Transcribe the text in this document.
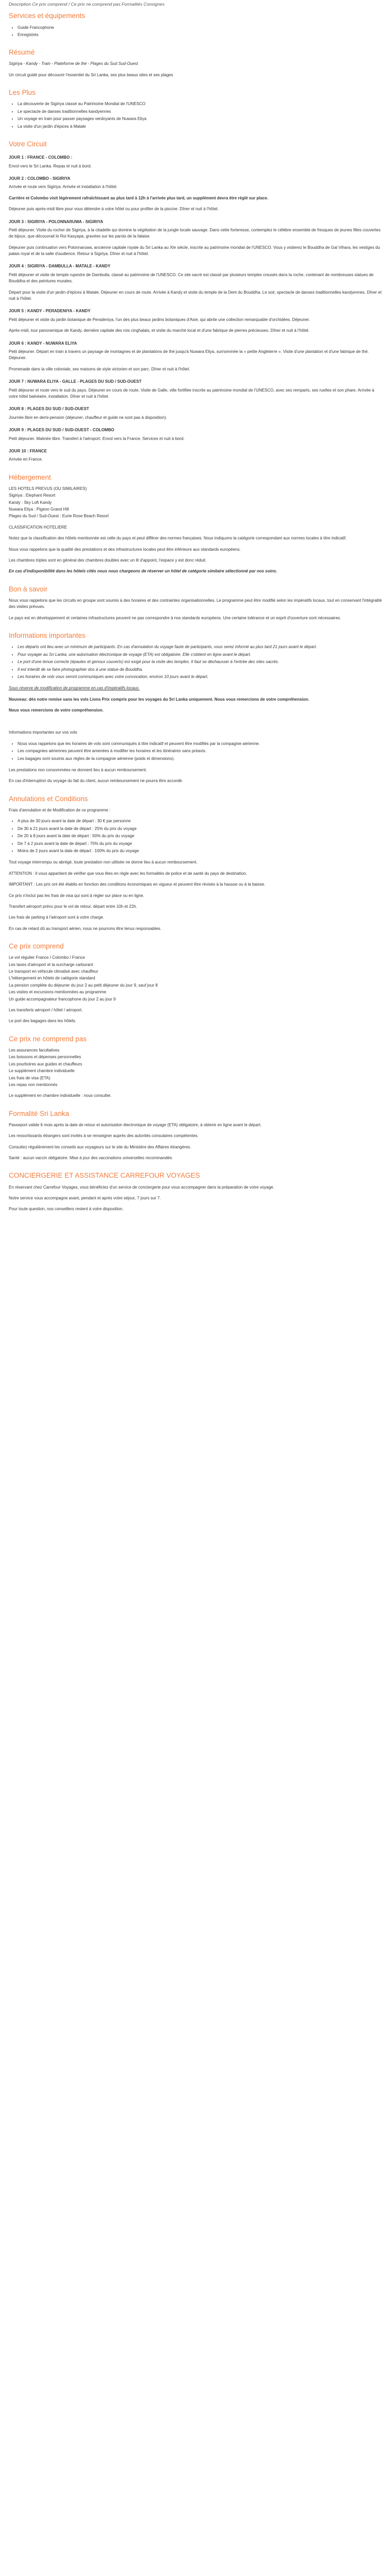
Description Ce prix comprend / Ce prix ne comprend pas Formalités Consignes
Services et équipements
• Guide Francophone
• Enregistrés
Résumé

Sigiriya - Kandy - Train - Plateforme de thé - Plages du Sud Sud-Ouest

Un circuit guidé pour découvrir l'essentiel du Sri Lanka, ses plus beaux sites et ses plages

Les Plus
• La découverte de Sigiriya classé au Patrimoine Mondial de l'UNESCO
• Le spectacle de danses traditionnelles kandyennes
• Un voyage en train pour passer paysages verdoyants de Nuwara Eliya
• La visite d'un jardin d'épices à Matale
Votre Circuit
JOUR 1 : FRANCE - COLOMBO :

Envol vers le Sri Lanka. Repas et nuit à bord.

JOUR 2 : COLOMBO - SIGIRIYA

Arrivée et route vers Sigiriya. Arrivée et installation à l'hôtel.

Carrière et Colombo visit légèrement rafraîchissant au plus tard à 12h à l'arrivée plus tard, un supplément devra être réglé sur place.

Déjeuner puis après-midi libre pour vous détendre à votre hôtel ou pour profiter de la piscine. Dîner et nuit à l'hôtel.

JOUR 3 : SIGIRIYA - POLONNARUWA - SIGIRIYA

Petit déjeuner. Visite du rocher de Sigiriya, à la citadelle qui domine la végétation de la jungle locale sauvage. Dans cette forteresse, contemplez le célèbre ensemble de fresques de jeunes filles couvertes de bijoux, que découvrait le Roi Kasyapa, gravées sur les parois de la falaise.

Déjeuner puis continuation vers Polonnaruwa, ancienne capitale royale du Sri Lanka au XIe siècle, inscrite au patrimoine mondial de l'UNESCO. Vous y visiterez le Bouddha de Gal Vihara, les vestiges du palais royal et de la salle d'audience. Retour à Sigiriya. Dîner et nuit à l'hôtel.

JOUR 4 : SIGIRIYA - DAMBULLA - MATALE - KANDY

Petit déjeuner et visite de temple rupestre de Dambulla, classé au patrimoine de l'UNESCO. Ce site sacré est classé par plusieurs temples creusés dans la roche, contenant de nombreuses statues de Bouddha et des peintures murales.

Départ pour la visite d'un jardin d'épices à Matale. Déjeuner en cours de route. Arrivée à Kandy et visite du temple de la Dent du Bouddha. Le soir, spectacle de danses traditionnelles kandyennes. Dîner et nuit à l'hôtel.

JOUR 5 : KANDY - PERADENIYA - KANDY

Petit déjeuner et visite du jardin botanique de Peradeniya, l'un des plus beaux jardins botaniques d'Asie, qui abrite une collection remarquable d'orchidées. Déjeuner.

Après-midi, tour panoramique de Kandy, dernière capitale des rois cinghalais, et visite du marché local et d'une fabrique de pierres précieuses. Dîner et nuit à l'hôtel.

JOUR 6 : KANDY - NUWARA ELIYA

Petit déjeuner. Départ en train à travers un paysage de montagnes et de plantations de thé jusqu'à Nuwara Eliya, surnommée la « petite Angleterre ». Visite d'une plantation et d'une fabrique de thé. Déjeuner.

Promenade dans la ville coloniale, ses maisons de style victorien et son parc. Dîner et nuit à l'hôtel.

JOUR 7 : NUWARA ELIYA - GALLE - PLAGES DU SUD / SUD-OUEST

Petit déjeuner et route vers le sud du pays. Déjeuner en cours de route. Visite de Galle, ville fortifiée inscrite au patrimoine mondial de l'UNESCO, avec ses remparts, ses ruelles et son phare. Arrivée à votre hôtel balnéaire, installation. Dîner et nuit à l'hôtel.

JOUR 8 : PLAGES DU SUD / SUD-OUEST

Journée libre en demi-pension (déjeuner, chauffeur et guide ne sont pas à disposition).

JOUR 9 : PLAGES DU SUD / SUD-OUEST - COLOMBO

Petit déjeuner. Matinée libre. Transfert à l'aéroport. Envol vers la France. Services et nuit à bord.

JOUR 10 : FRANCE

Arrivée en France.

Hébergement

LES HOTELS PREVUS (OU SIMILAIRES)

Sigiriya : Elephant Resort

Kandy : Sky Loft Kandy

Nuwara Eliya : Pigeon Grand Hill

Plages du Sud / Sud-Ouest : Eurie Rose Beach Resort

CLASSIFICATION HOTELIERE

Notez que la classification des hôtels mentionnée est celle du pays et peut différer des normes françaises. Nous indiquons la catégorie correspondant aux normes locales à titre indicatif.

Nous vous rappelons que la qualité des prestations et des infrastructures locales peut être inférieure aux standards européens.

Les chambres triples sont en général des chambres doubles avec un lit d'appoint, l'espace y est donc réduit.

En cas d'indisponibilité dans les hôtels cités nous nous chargeons de réserver un hôtel de catégorie similaire sélectionné par nos soins.

Bon à savoir

Nous vous rappelons que les circuits en groupe sont soumis à des horaires et des contraintes organisationnelles. Le programme peut être modifié selon les impératifs locaux, tout en conservant l'intégralité des visites prévues.

Le pays est en développement et certaines infrastructures peuvent ne pas correspondre à nos standards européens. Une certaine tolérance et un esprit d'ouverture sont nécessaires.

Informations importantes
• Les départs ont lieu avec un minimum de participants. En cas d'annulation du voyage faute de participants, vous serez informé au plus tard 21 jours avant le départ.
• Pour voyager au Sri Lanka, une autorisation électronique de voyage (ETA) est obligatoire. Elle s'obtient en ligne avant le départ.
• Le port d'une tenue correcte (épaules et genoux couverts) est exigé pour la visite des temples. Il faut se déchausser à l'entrée des sites sacrés.
• Il est interdit de se faire photographier dos à une statue de Bouddha.
• Les horaires de vols vous seront communiqués avec votre convocation, environ 10 jours avant le départ.

Sous réserve de modification de programme en cas d'impératifs locaux.

Nouveau: dès notre remise sans les vols Lions Prix compris pour les voyages du Sri Lanka uniquement. Nous vous remercions de votre compréhension.

Nous vous remercions de votre compréhension.

Informations importantes sur vos vols

• Nous vous rappelons que les horaires de vols sont communiqués à titre indicatif et peuvent être modifiés par la compagnie aérienne.
• Les compagnies aériennes peuvent être amenées à modifier les horaires et les itinéraires sans préavis.
• Les bagages sont soumis aux règles de la compagnie aérienne (poids et dimensions).

Les prestations non consommées ne donnent lieu à aucun remboursement.

En cas d'interruption du voyage du fait du client, aucun remboursement ne pourra être accordé.

Annulations et Conditions

Frais d'annulation et de Modification de ce programme :

• A plus de 30 jours avant la date de départ : 30 € par personne
• De 30 à 21 jours avant la date de départ : 25% du prix du voyage
• De 20 à 8 jours avant la date de départ : 50% du prix du voyage
• De 7 à 2 jours avant la date de départ : 75% du prix du voyage
• Moins de 2 jours avant la date de départ : 100% du prix du voyage

Tout voyage interrompu ou abrégé, toute prestation non utilisée ne donne lieu à aucun remboursement.

ATTENTION : Il vous appartient de vérifier que vous êtes en règle avec les formalités de police et de santé du pays de destination.

IMPORTANT : Les prix ont été établis en fonction des conditions économiques en vigueur et peuvent être révisés à la hausse ou à la baisse.

Ce prix n'inclut pas les frais de visa qui sont à régler sur place ou en ligne.

Transfert aéroport prévu pour le vol de retour, départ entre 10h et 22h.

Les frais de parking à l'aéroport sont à votre charge.

En cas de retard dû au transport aérien, nous ne pourrons être tenus responsables.

Ce prix comprend

Le vol régulier France / Colombo / France

Les taxes d'aéroport et la surcharge carburant

Le transport en véhicule climatisé avec chauffeur

L'hébergement en hôtels de catégorie standard

La pension complète du déjeuner du jour 2 au petit déjeuner du jour 9, sauf jour 8

Les visites et excursions mentionnées au programme

Un guide accompagnateur francophone du jour 2 au jour 9

Les transferts aéroport / hôtel / aéroport.

Le port des bagages dans les hôtels.

Ce prix ne comprend pas

Les assurances facultatives

Les boissons et dépenses personnelles

Les pourboires aux guides et chauffeurs

Le supplément chambre individuelle

Les frais de visa (ETA)

Les repas non mentionnés

Le supplément en chambre individuelle : nous consulter.

Formalité Sri Lanka

Passeport valide 6 mois après la date de retour et autorisation électronique de voyage (ETA) obligatoire, à obtenir en ligne avant le départ.

Les ressortissants étrangers sont invités à se renseigner auprès des autorités consulaires compétentes.

Consultez régulièrement les conseils aux voyageurs sur le site du Ministère des Affaires étrangères.

Santé : aucun vaccin obligatoire. Mise à jour des vaccinations universelles recommandée.

CONCIERGERIE ET ASSISTANCE CARREFOUR VOYAGES

En réservant chez Carrefour Voyages, vous bénéficiez d'un service de conciergerie pour vous accompagner dans la préparation de votre voyage.

Notre service vous accompagne avant, pendant et après votre séjour, 7 jours sur 7.

Pour toute question, nos conseillers restent à votre disposition.
